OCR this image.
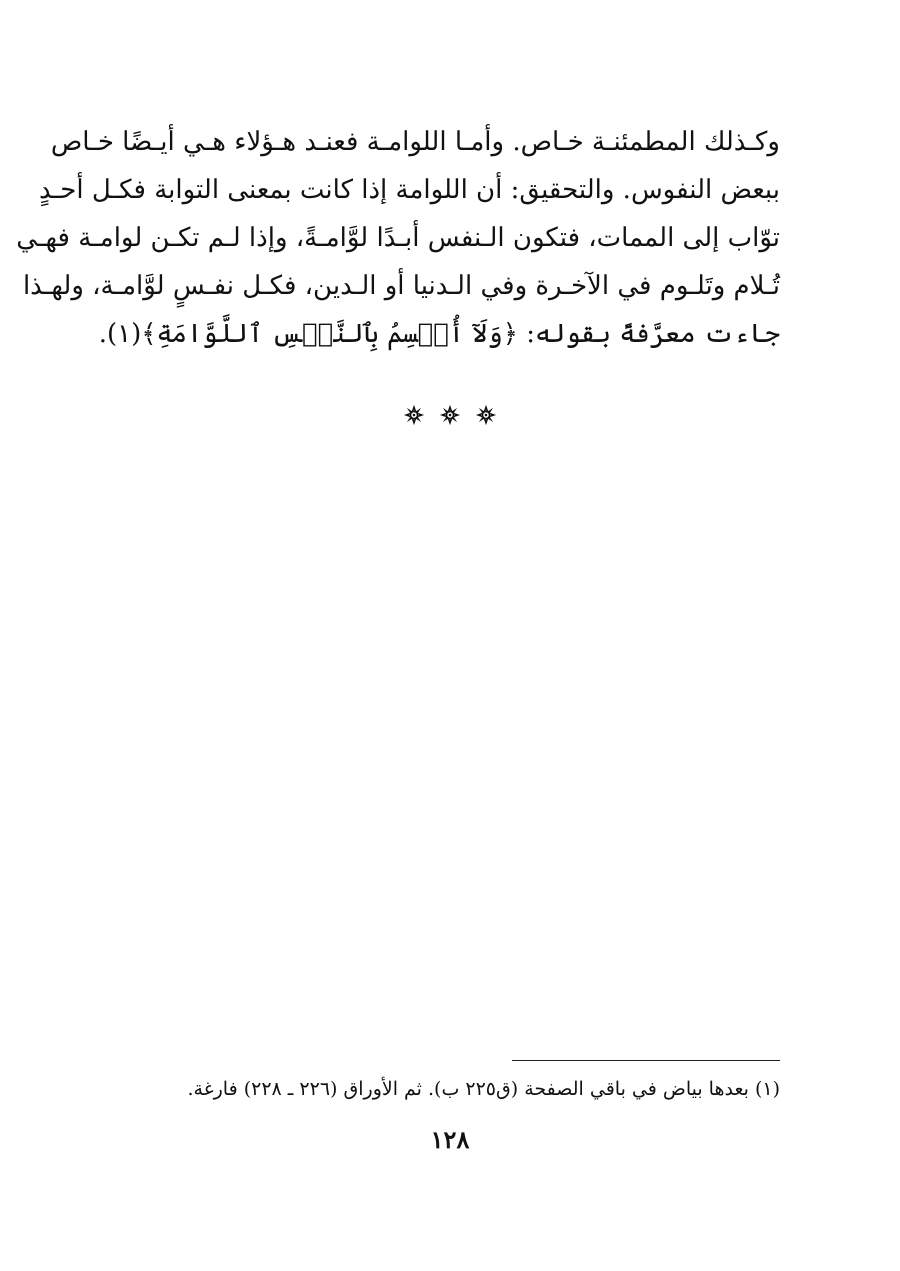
وكـذلك المطمئنـة خـاص. وأمـا اللوامـة فعنـد هـؤلاء هـي أيـضًا خـاص
ببعض النفوس. والتحقيق: أن اللوامة إذا كانت بمعنى التوابة فكـل أحـدٍ
توّاب إلى الممات، فتكون الـنفس أبـدًا لوَّامـةً، وإذا لـم تكـن لوامـة فهـي
تُـلام وتَلـوم في الآخـرة وفي الـدنيا أو الـدين، فكـل نفـسٍ لوَّامـة، ولهـذا
جاءت معرَّفةً بقوله: ﴿وَلَآ أُقۡسِمُ بِٱلنَّفۡسِ ٱللَّوَّامَةِ﴾(١).
(١) بعدها بياض في باقي الصفحة (ق٢٢٥ ب). ثم الأوراق (٢٢٦ ـ ٢٢٨) فارغة.
١٢٨
